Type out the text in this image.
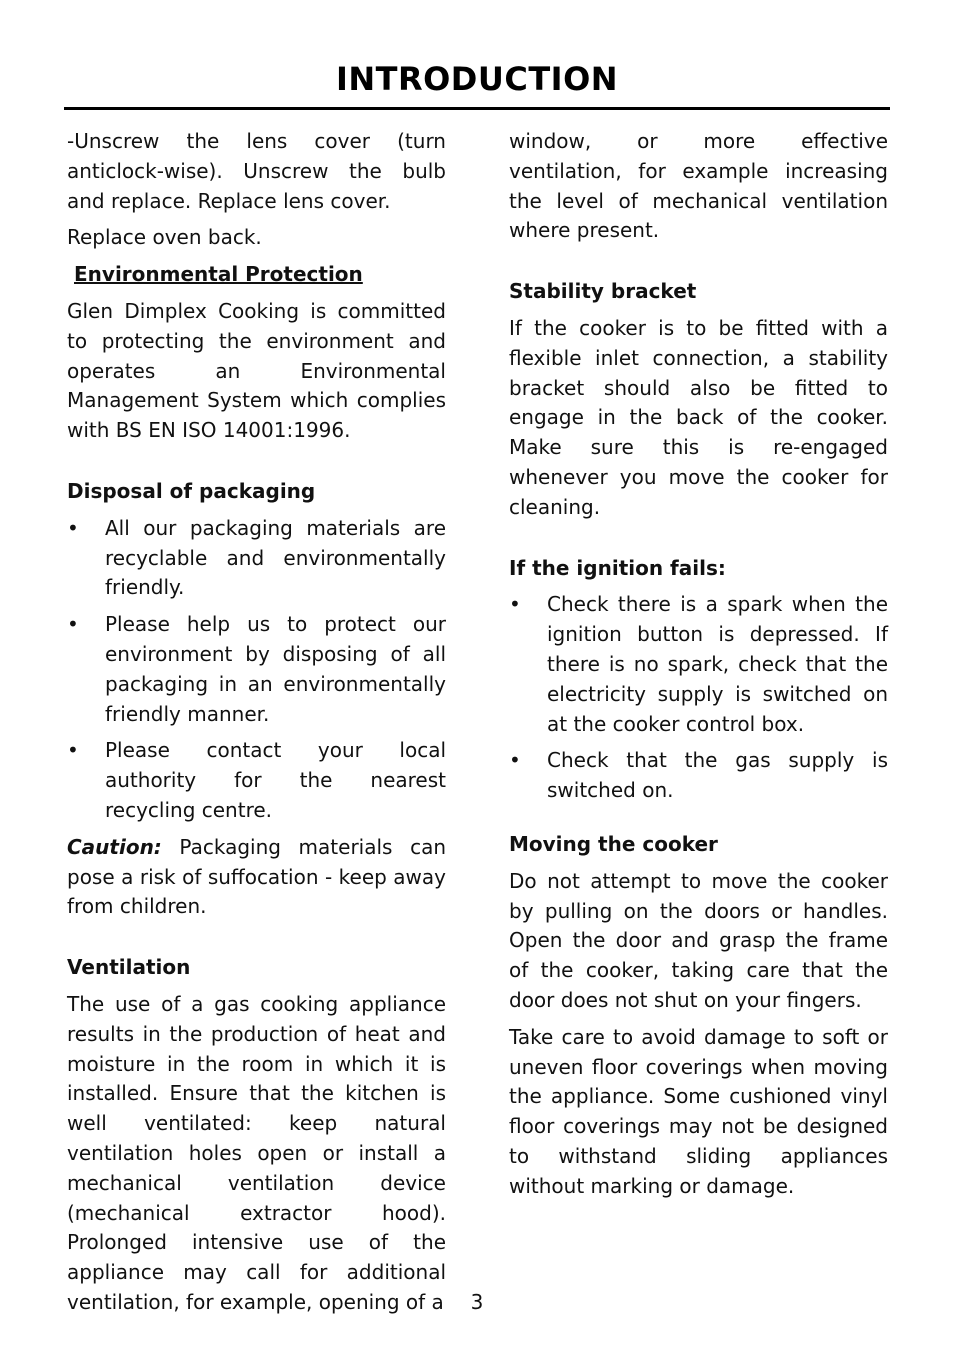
INTRODUCTION

-Unscrew the lens cover (turn anticlock-wise). Unscrew the bulb and replace. Replace lens cover.

Replace oven back.

Environmental Protection

Glen Dimplex Cooking is committed to protecting the environment and operates an Environmental Management System which complies with BS EN ISO 14001:1996.

Disposal of packaging
• All our packaging materials are recyclable and environmentally friendly.
• Please help us to protect our environment by disposing of all packaging in an environmentally friendly manner.
• Please contact your local authority for the nearest recycling centre.

Caution: Packaging materials can pose a risk of suffocation - keep away from children.

Ventilation

The use of a gas cooking appliance results in the production of heat and moisture in the room in which it is installed. Ensure that the kitchen is well ventilated: keep natural ventilation holes open or install a mechanical ventilation device (mechanical extractor hood). Prolonged intensive use of the appliance may call for additional ventilation, for example, opening of a

window, or more effective ventilation, for example increasing the level of mechanical ventilation where present.

Stability bracket

If the cooker is to be fitted with a flexible inlet connection, a stability bracket should also be fitted to engage in the back of the cooker. Make sure this is re-engaged whenever you move the cooker for cleaning.

If the ignition fails:
• Check there is a spark when the ignition button is depressed. If there is no spark, check that the electricity supply is switched on at the cooker control box.
• Check that the gas supply is switched on.
Moving the cooker

Do not attempt to move the cooker by pulling on the doors or handles. Open the door and grasp the frame of the cooker, taking care that the door does not shut on your fingers.

Take care to avoid damage to soft or uneven floor coverings when moving the appliance. Some cushioned vinyl floor coverings may not be designed to withstand sliding appliances without marking or damage.

3
